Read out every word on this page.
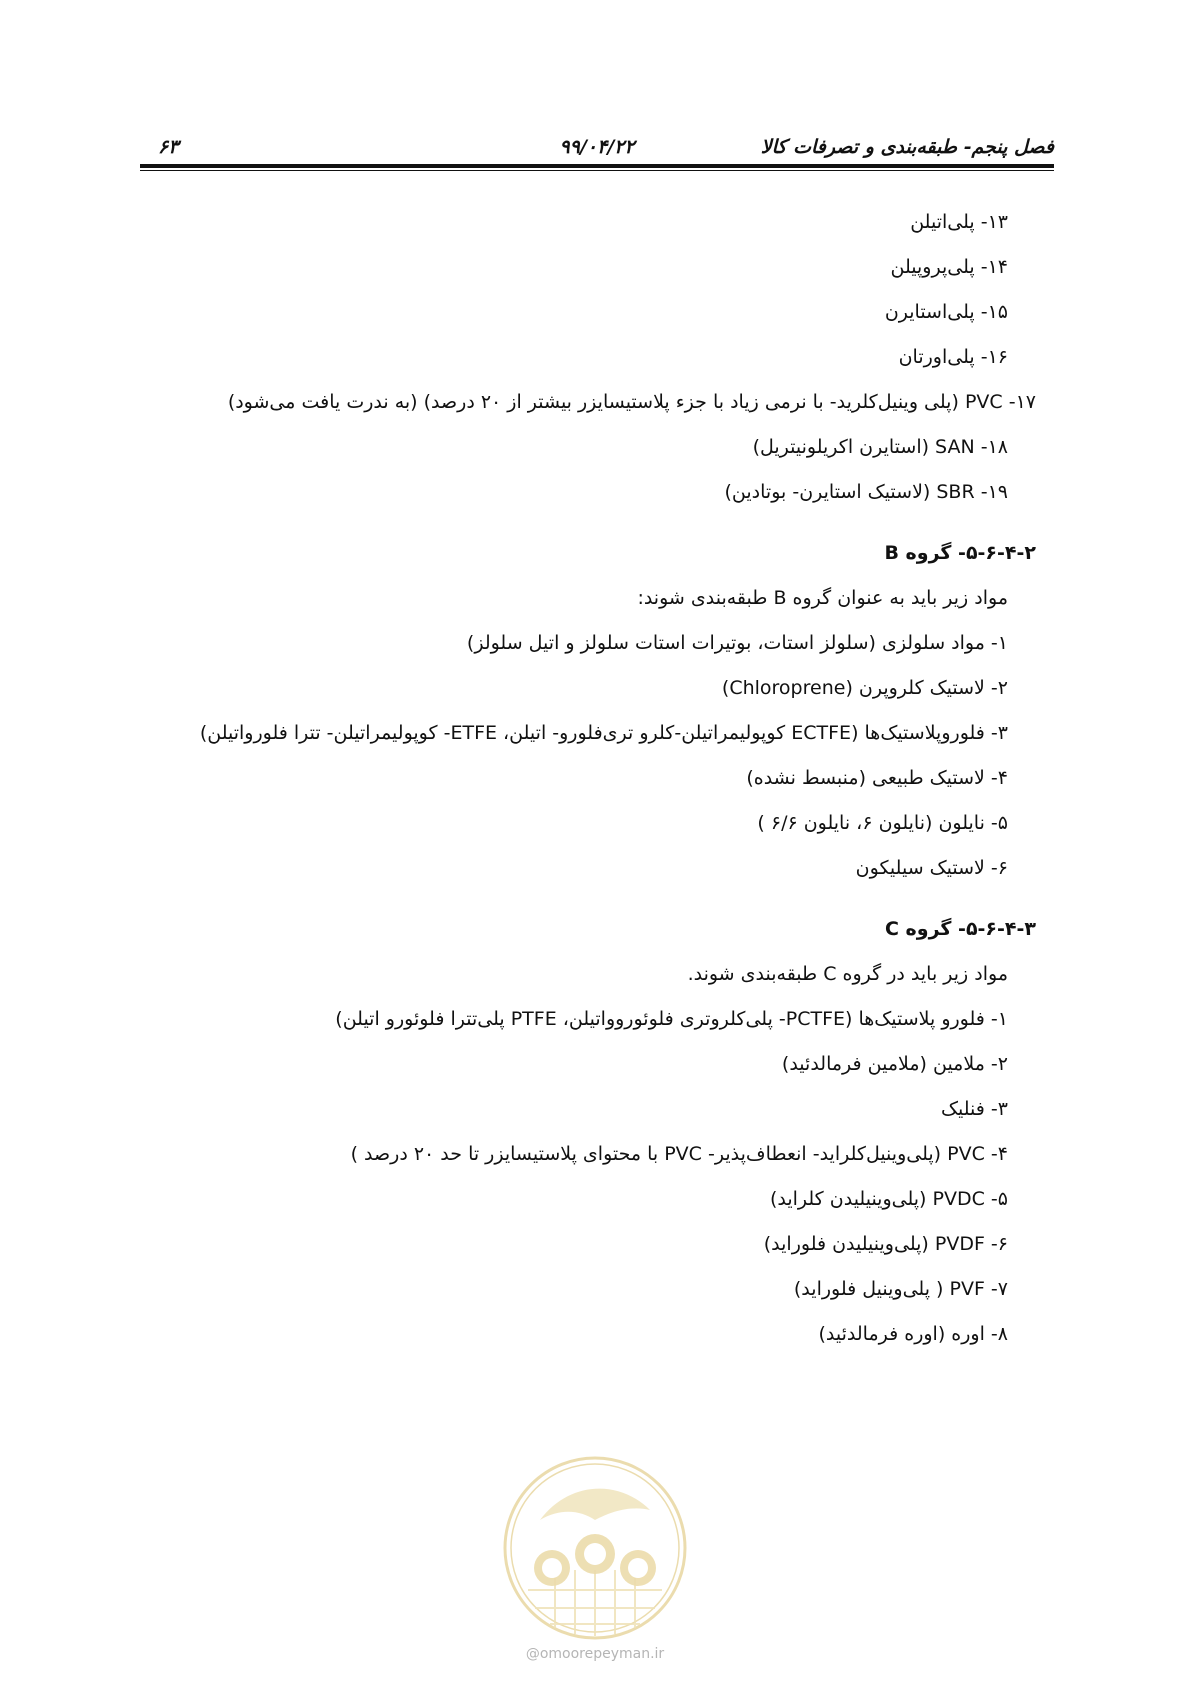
۶۳	۹۹/۰۴/۲۲	فصل پنجم- طبقه‌بندی و تصرفات کالا
۱۳- پلی‌اتیلن
۱۴- پلی‌پروپیلن
۱۵- پلی‌استایرن
۱۶- پلی‌اورتان
۱۷- PVC (پلی وینیل‌کلرید- با نرمی زیاد با جزء پلاستیسایزر بیشتر از ۲۰ درصد) (به ندرت یافت می‌شود)
۱۸- SAN (استایرن اکریلونیتریل)
۱۹- SBR (لاستیک استایرن- بوتادین)
۵-۶-۴-۲- گروه B
مواد زیر باید به عنوان گروه B طبقه‌بندی شوند:
۱- مواد سلولزی (سلولز استات، بوتیرات استات سلولز و اتیل سلولز)
۲- لاستیک کلروپرن (Chloroprene)
۳- فلوروپلاستیک‌ها (ECTFE کوپولیمراتیلن-کلرو تری‌فلورو- اتیلن، ETFE- کوپولیمراتیلن- تترا فلورواتیلن)
۴- لاستیک طبیعی (منبسط نشده)
۵- نایلون (نایلون ۶، نایلون ۶/۶ )
۶- لاستیک سیلیکون
۵-۶-۴-۳- گروه C
مواد زیر باید در گروه C طبقه‌بندی شوند.
۱- فلورو پلاستیک‌ها (PCTFE- پلی‌کلروتری فلوئوروواتیلن، PTFE پلی‌تترا فلوئورو اتیلن)
۲- ملامین (ملامین فرمالدئید)
۳- فنلیک
۴- PVC (پلی‌وینیل‌کلراید- انعطاف‌پذیر- PVC با محتوای پلاستیسایزر تا حد ۲۰ درصد )
۵- PVDC (پلی‌وینیلیدن کلراید)
۶- PVDF (پلی‌وینیلیدن فلوراید)
۷- PVF ( پلی‌وینیل فلوراید)
۸- اوره (اوره فرمالدئید)
@omoorepeyman.ir
